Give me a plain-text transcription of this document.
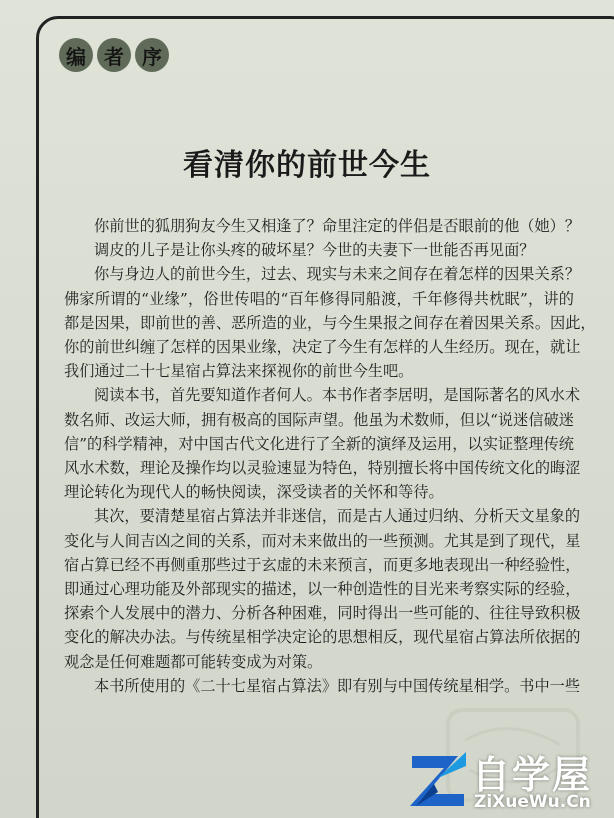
编 者 序
看清你的前世今生
你前世的狐朋狗友今生又相逢了？命里注定的伴侣是否眼前的他（她）？
调皮的儿子是让你头疼的破坏星？今世的夫妻下一世能否再见面？
你与身边人的前世今生，过去、现实与未来之间存在着怎样的因果关系？
佛家所谓的“业缘”，俗世传唱的“百年修得同船渡，千年修得共枕眠”，讲的
都是因果，即前世的善、恶所造的业，与今生果报之间存在着因果关系。因此，
你的前世纠缠了怎样的因果业缘，决定了今生有怎样的人生经历。现在，就让
我们通过二十七星宿占算法来探视你的前世今生吧。
阅读本书，首先要知道作者何人。本书作者李居明，是国际著名的风水术
数名师、改运大师，拥有极高的国际声望。他虽为术数师，但以“说迷信破迷
信”的科学精神，对中国古代文化进行了全新的演绎及运用，以实证整理传统
风水术数，理论及操作均以灵验速显为特色，特别擅长将中国传统文化的晦涩
理论转化为现代人的畅快阅读，深受读者的关怀和等待。
其次，要清楚星宿占算法并非迷信，而是古人通过归纳、分析天文星象的
变化与人间吉凶之间的关系，而对未来做出的一些预测。尤其是到了现代，星
宿占算已经不再侧重那些过于玄虚的未来预言，而更多地表现出一种经验性，
即通过心理功能及外部现实的描述，以一种创造性的目光来考察实际的经验，
探索个人发展中的潜力、分析各种困难，同时得出一些可能的、往往导致积极
变化的解决办法。与传统星相学决定论的思想相反，现代星宿占算法所依据的
观念是任何难题都可能转变成为对策。
本书所使用的《二十七星宿占算法》即有别与中国传统星相学。书中一些
自学屋
ZiXueWu.Cn
